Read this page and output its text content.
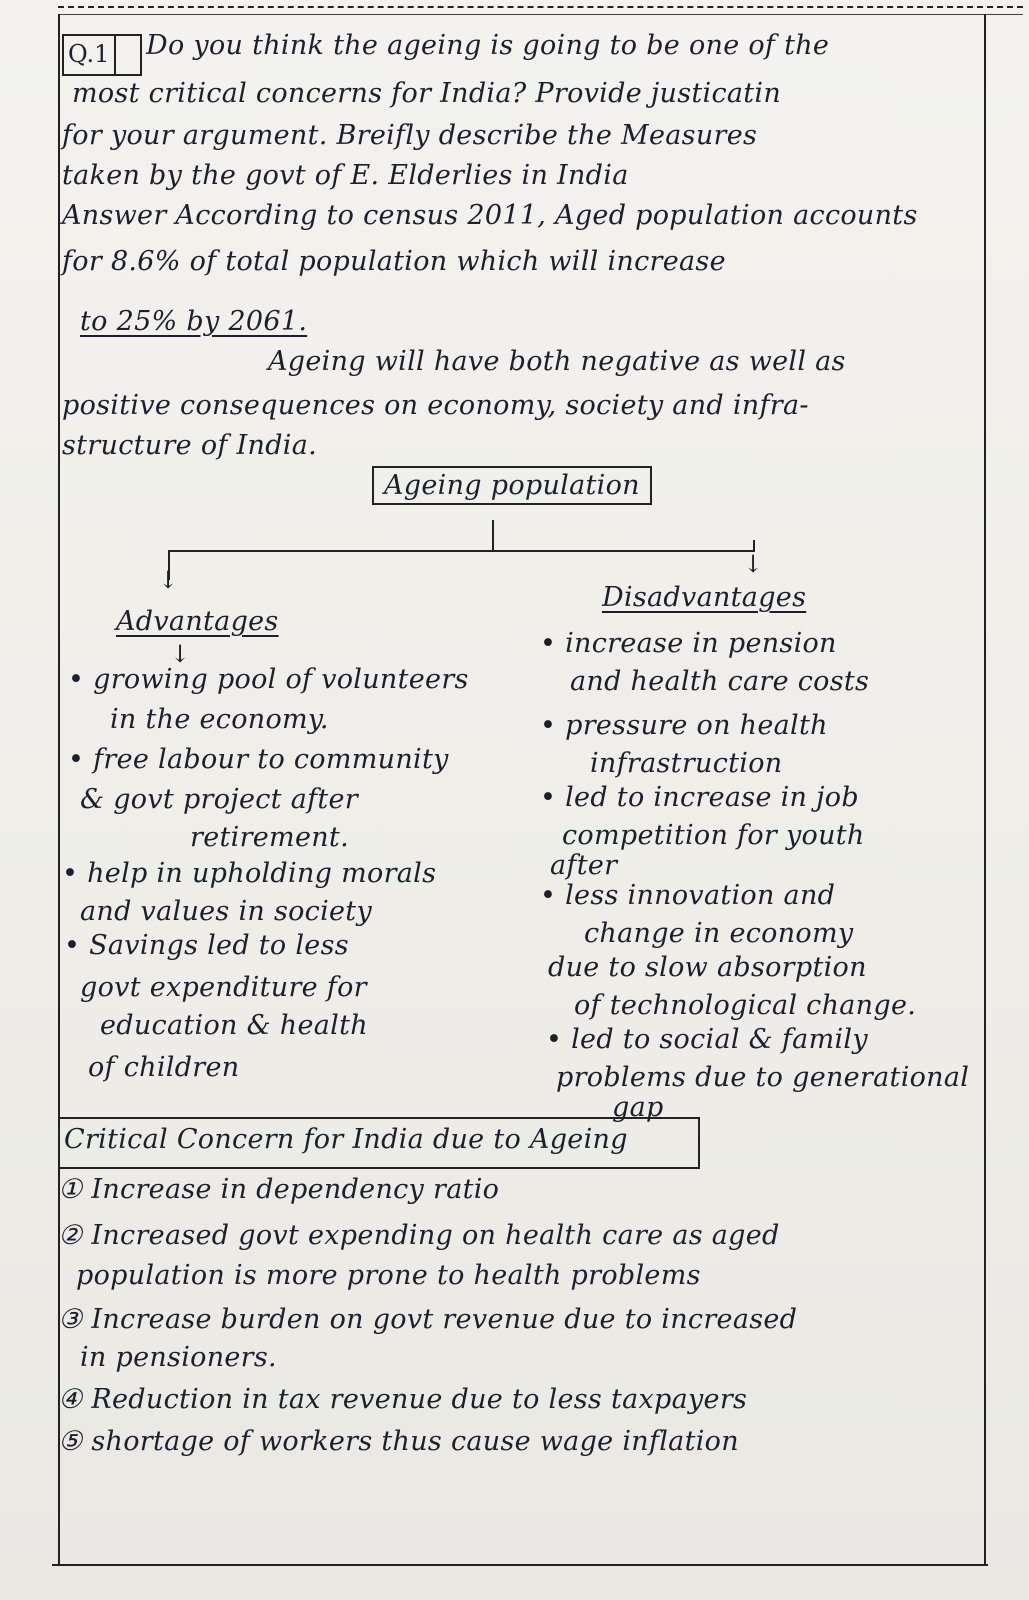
Q.1 Do you think the ageing is going to be one of the
most critical concerns for India? Provide justicatin
for your argument. Breifly describe the Measures
taken by the govt of E. Elderlies in India
Answer According to census 2011, Aged population accounts
for 8.6% of total population which will increase
to 25% by 2061.
Ageing will have both negative as well as
positive consequences on economy, society and infra-
structure of India.
Ageing population
↓
↓
Advantages
↓
Disadvantages
• growing pool of volunteers
in the economy.
• free labour to community
& govt project after
retirement.
• help in upholding morals
and values in society
• Savings led to less
govt expenditure for
education & health
of children
• increase in pension
and health care costs
• pressure on health
infrastruction
• led to increase in job
competition for youth
after
• less innovation and
change in economy
due to slow absorption
of technological change.
• led to social & family
problems due to generational
gap
Critical Concern for India due to Ageing
① Increase in dependency ratio
② Increased govt expending on health care as aged
population is more prone to health problems
③ Increase burden on govt revenue due to increased
in pensioners.
④ Reduction in tax revenue due to less taxpayers
⑤ shortage of workers thus cause wage inflation
